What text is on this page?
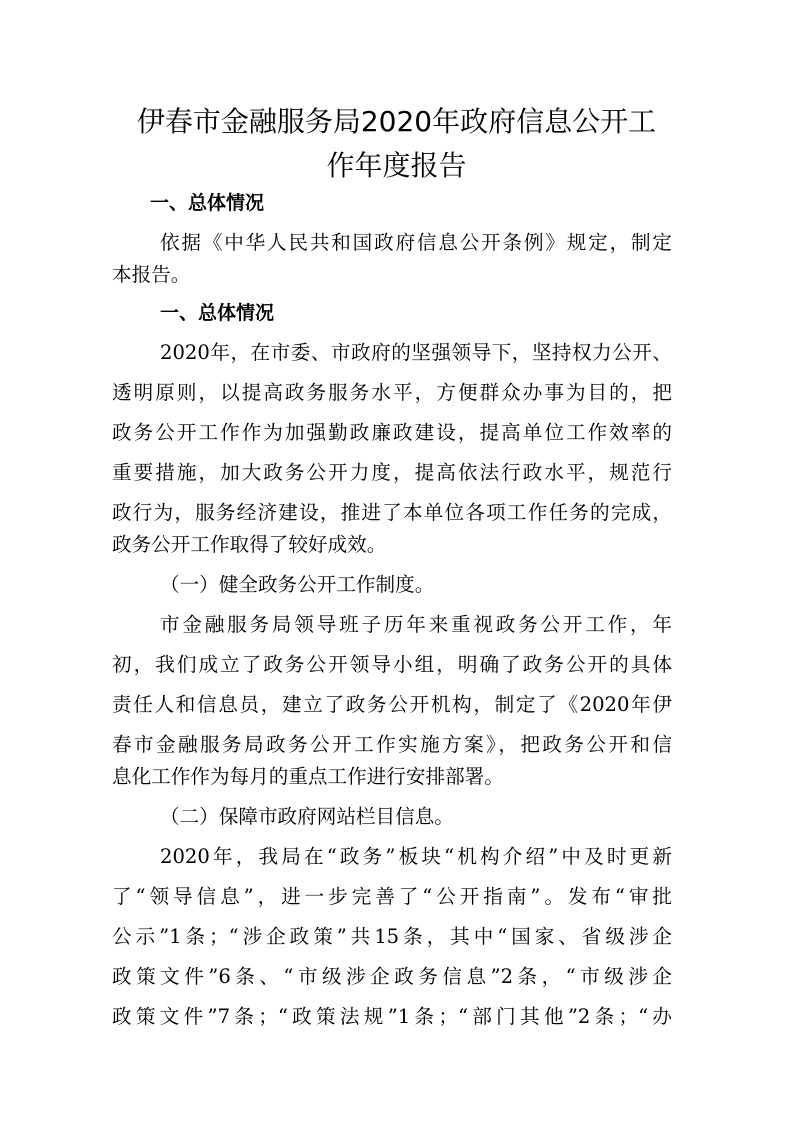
伊春市金融服务局2020年政府信息公开工
作年度报告
一、总体情况

依据《中华人民共和国政府信息公开条例》规定，制定

本报告。

一、总体情况

2020年，在市委、市政府的坚强领导下，坚持权力公开、

透明原则，以提高政务服务水平，方便群众办事为目的，把

政务公开工作作为加强勤政廉政建设，提高单位工作效率的

重要措施，加大政务公开力度，提高依法行政水平，规范行

政行为，服务经济建设，推进了本单位各项工作任务的完成，

政务公开工作取得了较好成效。

（一）健全政务公开工作制度。

市金融服务局领导班子历年来重视政务公开工作，年

初，我们成立了政务公开领导小组，明确了政务公开的具体

责任人和信息员，建立了政务公开机构，制定了《2020年伊

春市金融服务局政务公开工作实施方案》，把政务公开和信

息化工作作为每月的重点工作进行安排部署。

（二）保障市政府网站栏目信息。

2020年，我局在“政务”板块“机构介绍”中及时更新

了“领导信息”，进一步完善了“公开指南”。发布“审批

公示”1条；“涉企政策”共15条，其中“国家、省级涉企

政策文件”6条、“市级涉企政务信息”2条，“市级涉企

政策文件”7条；“政策法规”1条；“部门其他”2条；“办
